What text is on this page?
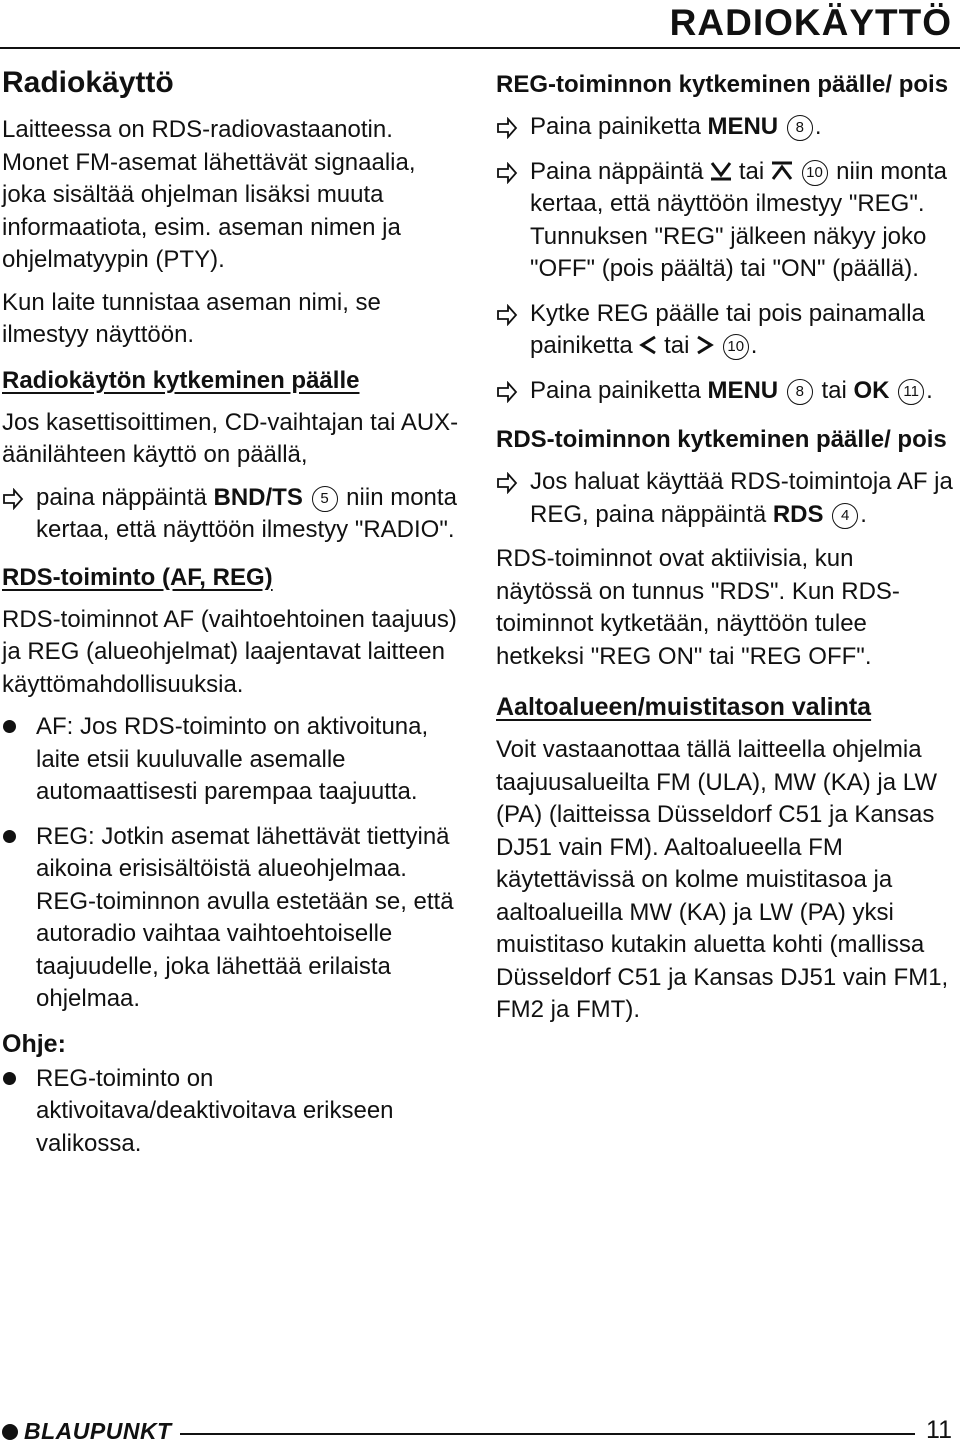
RADIOKÄYTTÖ
Radiokäyttö

Laitteessa on RDS-radiovastaanotin. Monet FM-asemat lähettävät signaalia, joka sisältää ohjelman lisäksi muuta informaatiota, esim. aseman nimen ja ohjelmatyypin (PTY).

Kun laite tunnistaa aseman nimi, se ilmestyy näyttöön.

Radiokäytön kytkeminen päälle

Jos kasettisoittimen, CD-vaihtajan tai AUX-äänilähteen käyttö on päällä,

paina näppäintä BND/TS 5 niin monta kertaa, että näyttöön ilmestyy "RADIO".
RDS-toiminto (AF, REG)

RDS-toiminnot AF (vaihtoehtoinen taajuus) ja REG (alueohjelmat) laajentavat laitteen käyttömahdollisuuksia.

AF: Jos RDS-toiminto on aktivoituna, laite etsii kuuluvalle asemalle automaattisesti parempaa taajuutta.
REG: Jotkin asemat lähettävät tiettyinä aikoina erisisältöistä alueohjelmaa. REG-toiminnon avulla estetään se, että autoradio vaihtaa vaihtoehtoiselle taajuudelle, joka lähettää erilaista ohjelmaa.
Ohje:
REG-toiminto on aktivoitava/deaktivoitava erikseen valikossa.
REG-toiminnon kytkeminen päälle/ pois
Paina painiketta MENU 8 .
Paina näppäintä  tai  10 niin monta kertaa, että näyttöön ilmestyy "REG". Tunnuksen "REG" jälkeen näkyy joko "OFF" (pois päältä) tai "ON" (päällä).
Kytke REG päälle tai pois painamalla painiketta  tai  10 .
Paina painiketta MENU 8 tai OK 11 .
RDS-toiminnon kytkeminen päälle/ pois
Jos haluat käyttää RDS-toimintoja AF ja REG, paina näppäintä RDS 4 .

RDS-toiminnot ovat aktiivisia, kun näytössä on tunnus "RDS". Kun RDS-toiminnot kytketään, näyttöön tulee hetkeksi "REG ON" tai "REG OFF".

Aaltoalueen/muistitason valinta

Voit vastaanottaa tällä laitteella ohjelmia taajuusalueilta FM (ULA), MW (KA) ja LW (PA) (laitteissa Düsseldorf C51 ja Kansas DJ51 vain FM). Aaltoalueella FM käytettävissä on kolme muistitasoa ja aaltoalueilla MW (KA) ja LW (PA) yksi muistitaso kutakin aluetta kohti (mallissa Düsseldorf C51 ja Kansas DJ51 vain FM1, FM2 ja FMT).

BLAUPUNKT	11
